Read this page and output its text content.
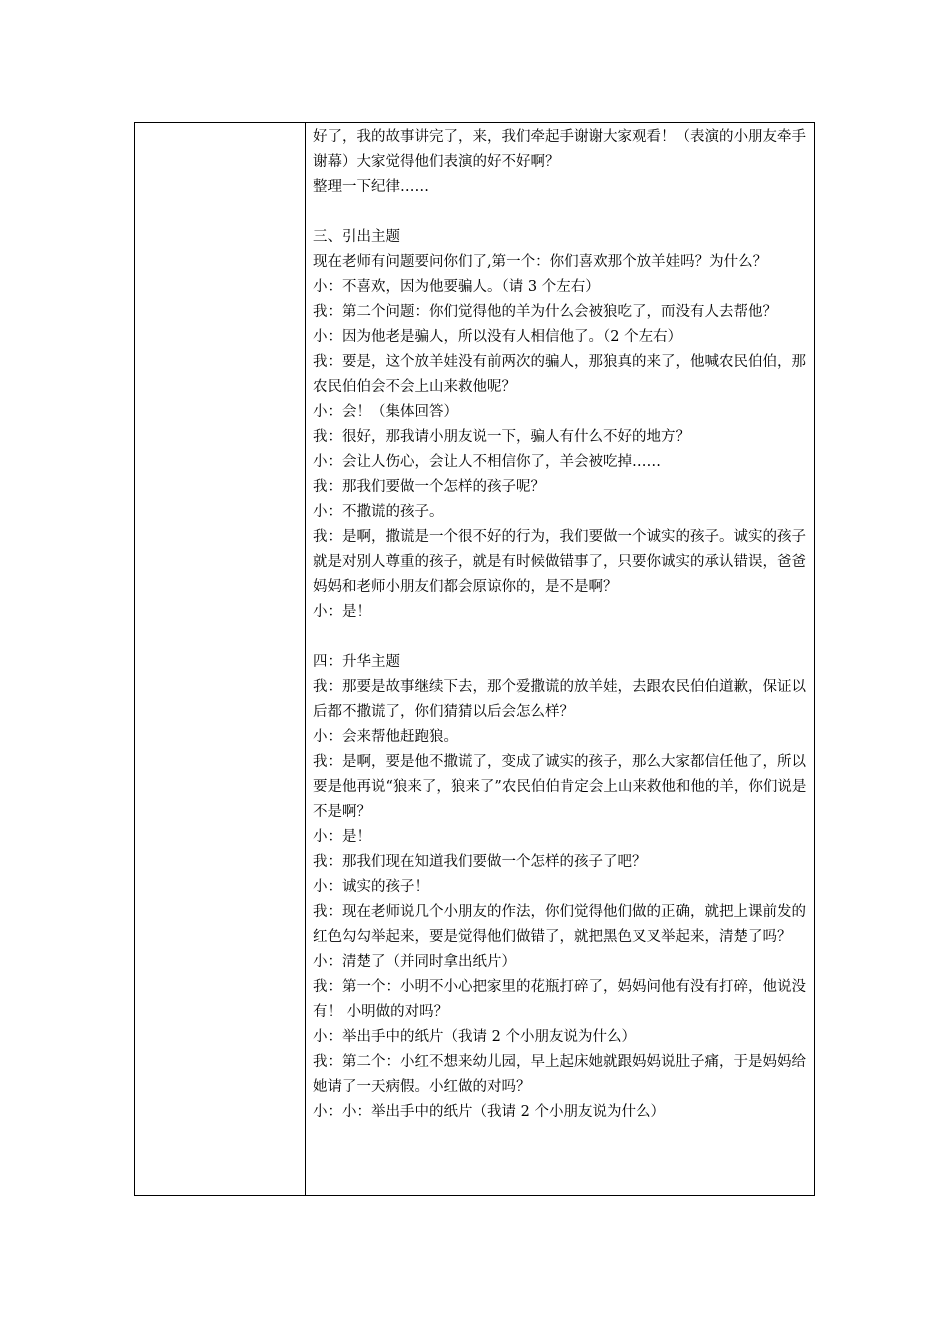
好了，我的故事讲完了，来，我们牵起手谢谢大家观看！（表演的小朋友牵手谢幕）大家觉得他们表演的好不好啊？
整理一下纪律……
三、引出主题
现在老师有问题要问你们了,第一个：你们喜欢那个放羊娃吗？为什么？
小：不喜欢，因为他要骗人。（请 3 个左右）
我：第二个问题：你们觉得他的羊为什么会被狼吃了，而没有人去帮他？
小：因为他老是骗人，所以没有人相信他了。（2 个左右）
我：要是，这个放羊娃没有前两次的骗人，那狼真的来了，他喊农民伯伯，那农民伯伯会不会上山来救他呢？
小：会！（集体回答）
我：很好，那我请小朋友说一下，骗人有什么不好的地方？
小：会让人伤心，会让人不相信你了，羊会被吃掉……
我：那我们要做一个怎样的孩子呢？
小：不撒谎的孩子。
我：是啊，撒谎是一个很不好的行为，我们要做一个诚实的孩子。诚实的孩子就是对别人尊重的孩子，就是有时候做错事了，只要你诚实的承认错误，爸爸妈妈和老师小朋友们都会原谅你的，是不是啊？
小：是！
四：升华主题
我：那要是故事继续下去，那个爱撒谎的放羊娃，去跟农民伯伯道歉，保证以后都不撒谎了，你们猜猜以后会怎么样？
小：会来帮他赶跑狼。
我：是啊，要是他不撒谎了，变成了诚实的孩子，那么大家都信任他了，所以要是他再说“狼来了，狼来了”农民伯伯肯定会上山来救他和他的羊，你们说是不是啊？
小：是！
我：那我们现在知道我们要做一个怎样的孩子了吧？
小：诚实的孩子！
我：现在老师说几个小朋友的作法，你们觉得他们做的正确，就把上课前发的红色勾勾举起来，要是觉得他们做错了，就把黑色叉叉举起来，清楚了吗？
小：清楚了（并同时拿出纸片）
我：第一个：小明不小心把家里的花瓶打碎了，妈妈问他有没有打碎，他说没有！ 小明做的对吗？
小：举出手中的纸片（我请 2 个小朋友说为什么）
我：第二个：小红不想来幼儿园，早上起床她就跟妈妈说肚子痛，于是妈妈给她请了一天病假。小红做的对吗？
小：小：举出手中的纸片（我请 2 个小朋友说为什么）
